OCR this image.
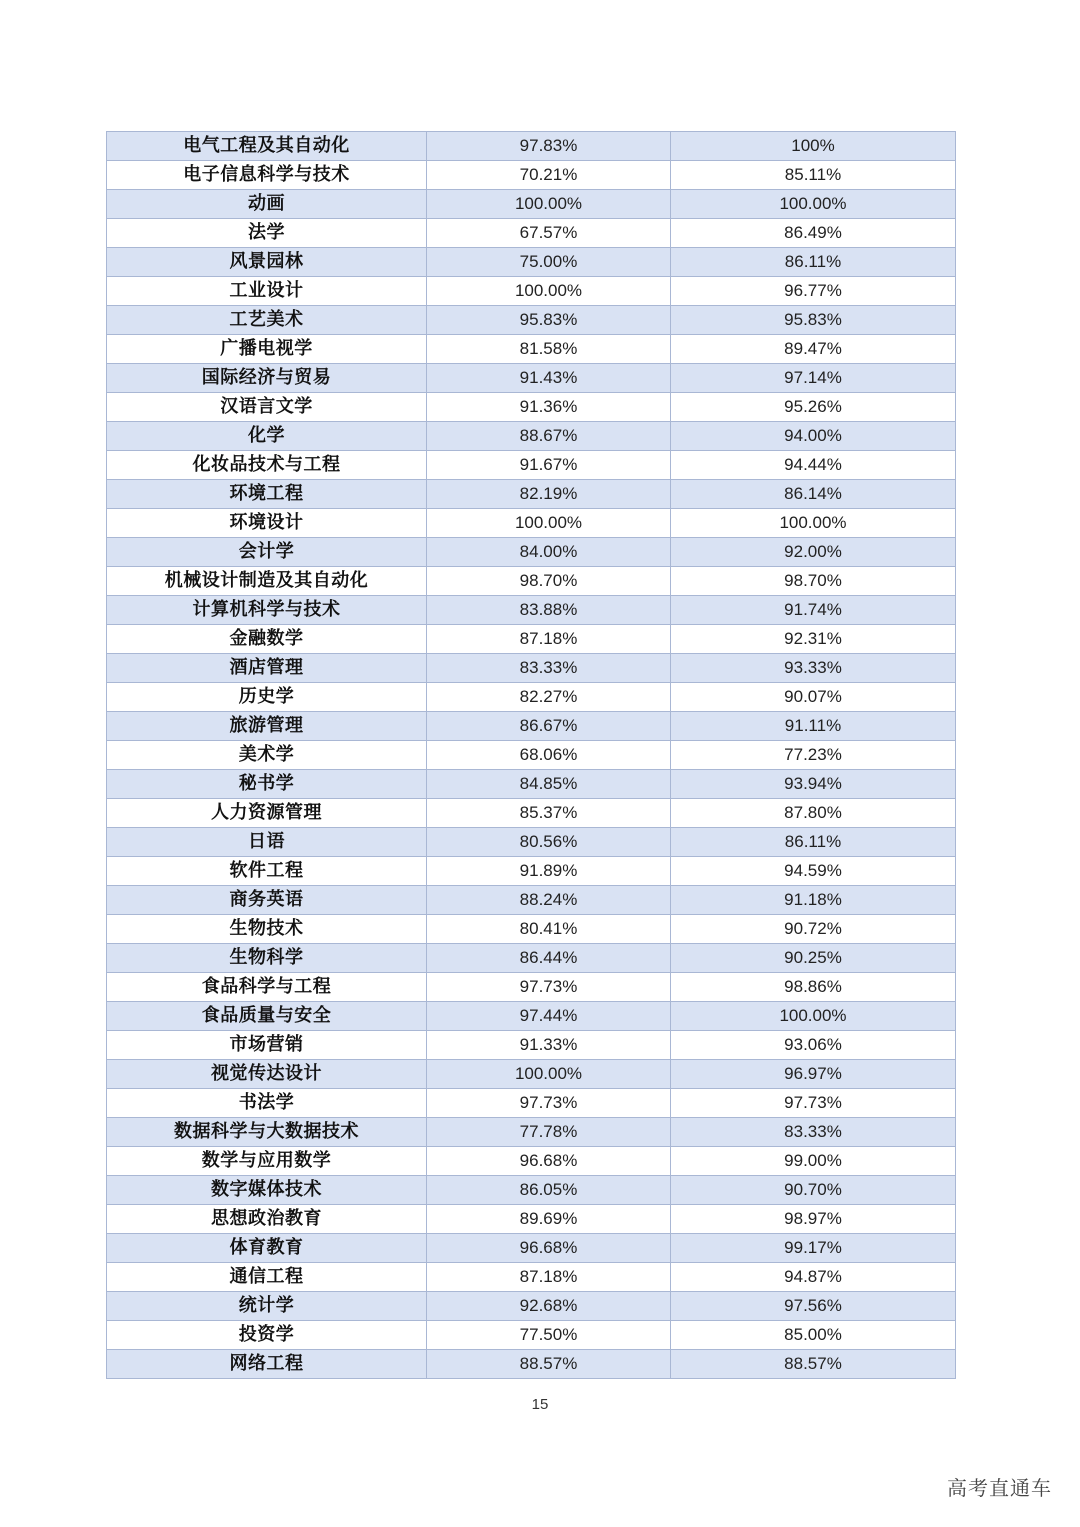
电气工程及其自动化	97.83%	100%
电子信息科学与技术	70.21%	85.11%
动画	100.00%	100.00%
法学	67.57%	86.49%
风景园林	75.00%	86.11%
工业设计	100.00%	96.77%
工艺美术	95.83%	95.83%
广播电视学	81.58%	89.47%
国际经济与贸易	91.43%	97.14%
汉语言文学	91.36%	95.26%
化学	88.67%	94.00%
化妆品技术与工程	91.67%	94.44%
环境工程	82.19%	86.14%
环境设计	100.00%	100.00%
会计学	84.00%	92.00%
机械设计制造及其自动化	98.70%	98.70%
计算机科学与技术	83.88%	91.74%
金融数学	87.18%	92.31%
酒店管理	83.33%	93.33%
历史学	82.27%	90.07%
旅游管理	86.67%	91.11%
美术学	68.06%	77.23%
秘书学	84.85%	93.94%
人力资源管理	85.37%	87.80%
日语	80.56%	86.11%
软件工程	91.89%	94.59%
商务英语	88.24%	91.18%
生物技术	80.41%	90.72%
生物科学	86.44%	90.25%
食品科学与工程	97.73%	98.86%
食品质量与安全	97.44%	100.00%
市场营销	91.33%	93.06%
视觉传达设计	100.00%	96.97%
书法学	97.73%	97.73%
数据科学与大数据技术	77.78%	83.33%
数学与应用数学	96.68%	99.00%
数字媒体技术	86.05%	90.70%
思想政治教育	89.69%	98.97%
体育教育	96.68%	99.17%
通信工程	87.18%	94.87%
统计学	92.68%	97.56%
投资学	77.50%	85.00%
网络工程	88.57%	88.57%
15
高考直通车
